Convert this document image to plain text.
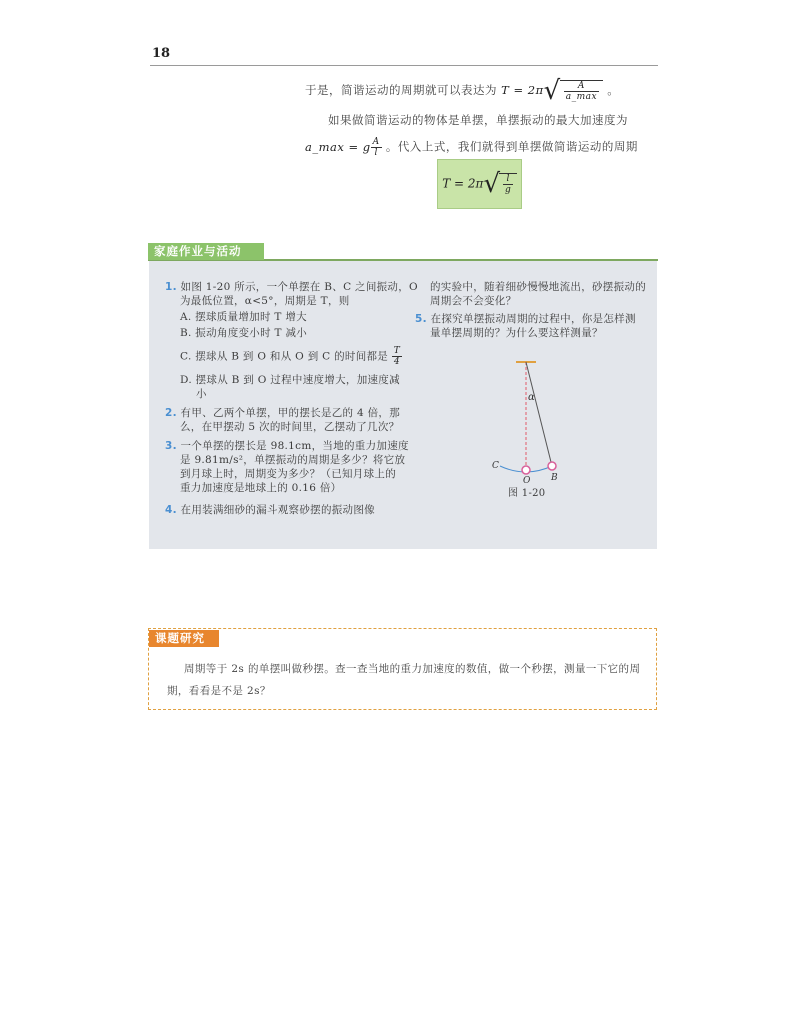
18
于是，简谐运动的周期就可以表达为 $T = 2\pi√ \frac{A}{a\_\max}$ 。
如果做简谐运动的物体是单摆，单摆振动的最大加速度为
a_max = g $\frac{A}{l}$ 。代入上式，我们就得到单摆做简谐运动的周期
$T = 2\pi√ \frac{l}{g}$
家庭作业与活动
1. 如图 1-20 所示，一个单摆在 B、C 之间振动，O
为最低位置，α<5°，周期是 T，则
A. 摆球质量增加时 T 增大
B. 振动角度变小时 T 减小
C. 摆球从 B 到 O 和从 O 到 C 的时间都是 $\frac{T}{4}$
D. 摆球从 B 到 O 过程中速度增大，加速度减
小
2. 有甲、乙两个单摆，甲的摆长是乙的 4 倍，那
么，在甲摆动 5 次的时间里，乙摆动了几次？
3. 一个单摆的摆长是 98.1cm，当地的重力加速度
是 9.81m/s²，单摆振动的周期是多少？将它放
到月球上时，周期变为多少？（已知月球上的
重力加速度是地球上的 0.16 倍）
4. 在用装满细砂的漏斗观察砂摆的振动图像
的实验中，随着细砂慢慢地流出，砂摆振动的
周期会不会变化？
5. 在探究单摆振动周期的过程中，你是怎样测
量单摆周期的？为什么要这样测量？
α
C
O B
图 1-20
课题研究
周期等于 2s 的单摆叫做秒摆。查一查当地的重力加速度的数值，做一个秒摆，测量一下它的周
期，看看是不是 2s？
